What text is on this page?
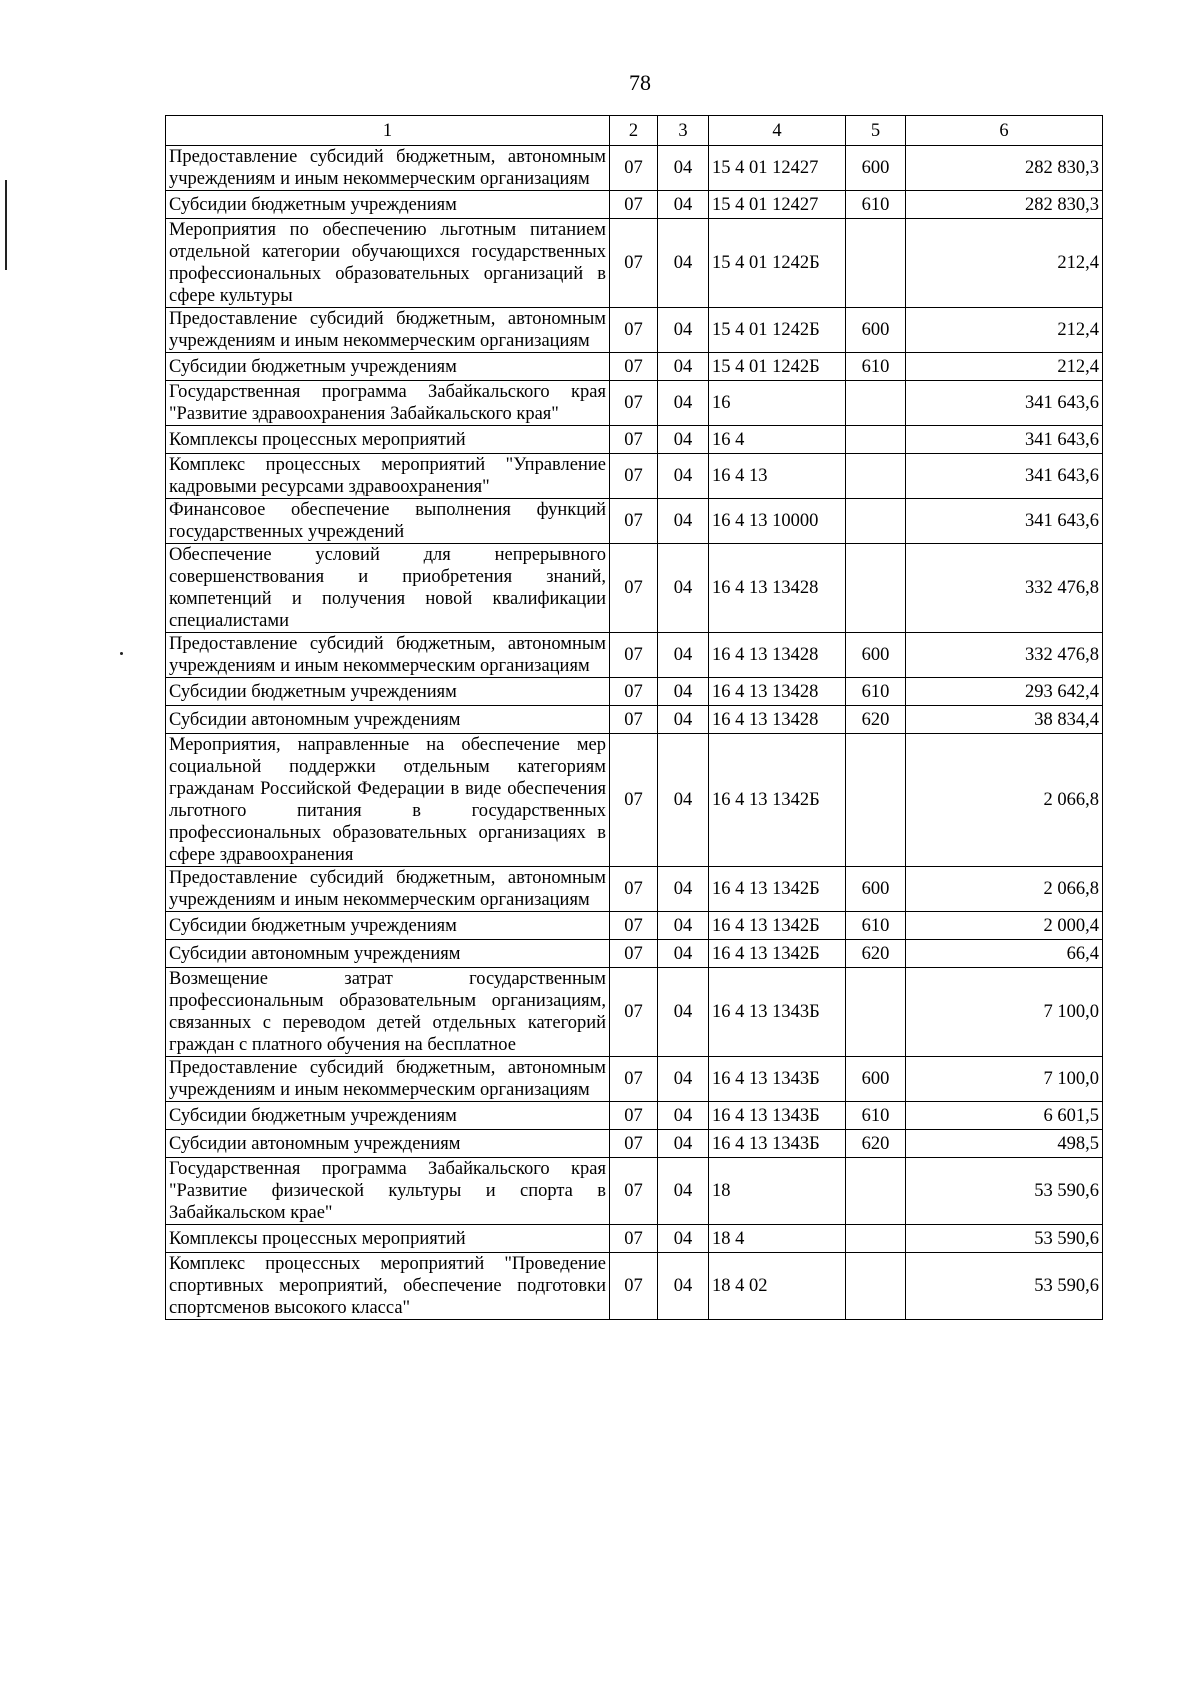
78
1	2	3	4	5	6
Предоставление субсидий бюджетным, автономным учреждениям и иным некоммерческим организациям	07	04	15 4 01 12427	600	282 830,3
Субсидии бюджетным учреждениям	07	04	15 4 01 12427	610	282 830,3
Мероприятия по обеспечению льготным питанием отдельной категории обучающихся государственных профессиональных образовательных организаций в сфере культуры	07	04	15 4 01 1242Б		212,4
Предоставление субсидий бюджетным, автономным учреждениям и иным некоммерческим организациям	07	04	15 4 01 1242Б	600	212,4
Субсидии бюджетным учреждениям	07	04	15 4 01 1242Б	610	212,4
Государственная программа Забайкальского края "Развитие здравоохранения Забайкальского края"	07	04	16		341 643,6
Комплексы процессных мероприятий	07	04	16 4		341 643,6
Комплекс процессных мероприятий "Управление кадровыми ресурсами здравоохранения"	07	04	16 4 13		341 643,6
Финансовое обеспечение выполнения функций государственных учреждений	07	04	16 4 13 10000		341 643,6
Обеспечение условий для непрерывного совершенствования и приобретения знаний, компетенций и получения новой квалификации специалистами	07	04	16 4 13 13428		332 476,8
Предоставление субсидий бюджетным, автономным учреждениям и иным некоммерческим организациям	07	04	16 4 13 13428	600	332 476,8
Субсидии бюджетным учреждениям	07	04	16 4 13 13428	610	293 642,4
Субсидии автономным учреждениям	07	04	16 4 13 13428	620	38 834,4
Мероприятия, направленные на обеспечение мер социальной поддержки отдельным категориям гражданам Российской Федерации в виде обеспечения льготного питания в государственных профессиональных образовательных организациях в сфере здравоохранения	07	04	16 4 13 1342Б		2 066,8
Предоставление субсидий бюджетным, автономным учреждениям и иным некоммерческим организациям	07	04	16 4 13 1342Б	600	2 066,8
Субсидии бюджетным учреждениям	07	04	16 4 13 1342Б	610	2 000,4
Субсидии автономным учреждениям	07	04	16 4 13 1342Б	620	66,4
Возмещение затрат государственным профессиональным образовательным организациям, связанных с переводом детей отдельных категорий граждан с платного обучения на бесплатное	07	04	16 4 13 1343Б		7 100,0
Предоставление субсидий бюджетным, автономным учреждениям и иным некоммерческим организациям	07	04	16 4 13 1343Б	600	7 100,0
Субсидии бюджетным учреждениям	07	04	16 4 13 1343Б	610	6 601,5
Субсидии автономным учреждениям	07	04	16 4 13 1343Б	620	498,5
Государственная программа Забайкальского края "Развитие физической культуры и спорта в Забайкальском крае"	07	04	18		53 590,6
Комплексы процессных мероприятий	07	04	18 4		53 590,6
Комплекс процессных мероприятий "Проведение спортивных мероприятий, обеспечение подготовки спортсменов высокого класса"	07	04	18 4 02		53 590,6
